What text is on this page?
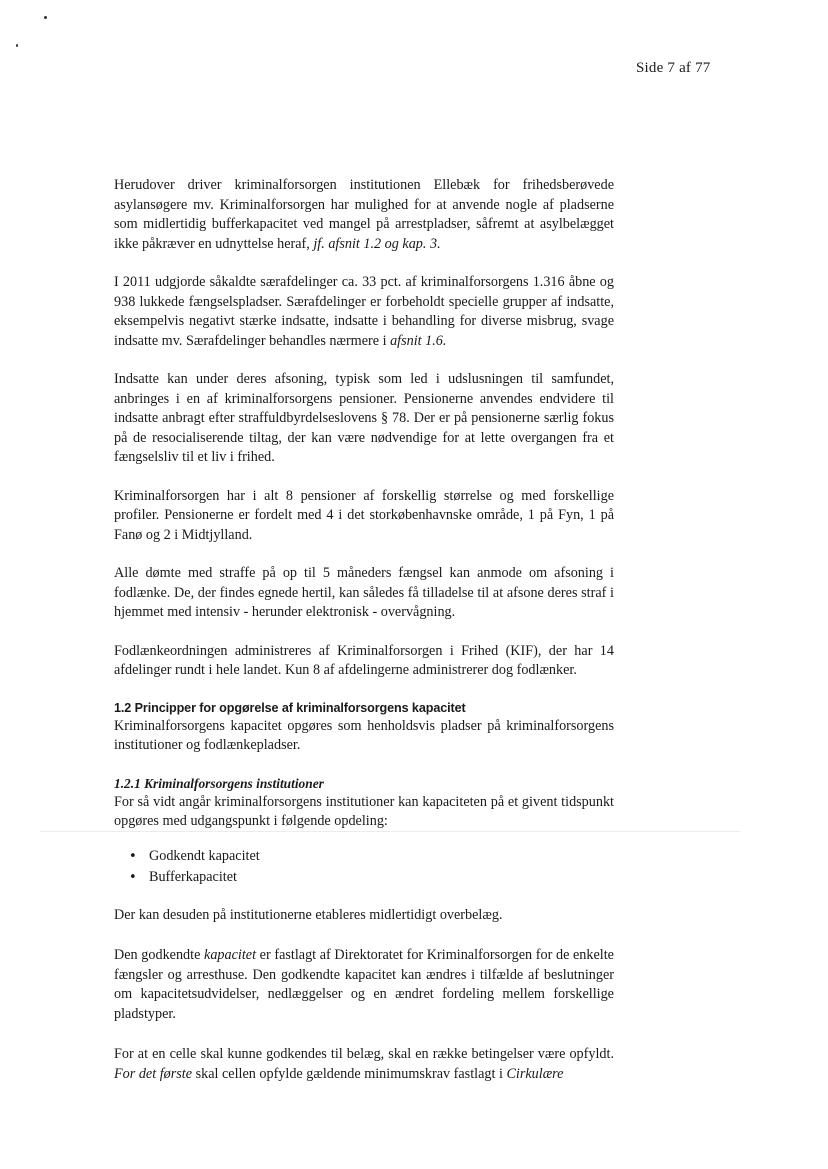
Side 7 af 77

Herudover driver kriminalforsorgen institutionen Ellebæk for frihedsberøvede asylansøgere mv. Kriminalforsorgen har mulighed for at anvende nogle af pladserne som midlertidig bufferkapacitet ved mangel på arrestpladser, såfremt at asylbelægget ikke påkræver en udnyttelse heraf, jf. afsnit 1.2 og kap. 3.

I 2011 udgjorde såkaldte særafdelinger ca. 33 pct. af kriminalforsorgens 1.316 åbne og 938 lukkede fængselspladser. Særafdelinger er forbeholdt specielle grupper af indsatte, eksempelvis negativt stærke indsatte, indsatte i behandling for diverse misbrug, svage indsatte mv. Særafdelinger behandles nærmere i afsnit 1.6.

Indsatte kan under deres afsoning, typisk som led i udslusningen til samfundet, anbringes i en af kriminalforsorgens pensioner. Pensionerne anvendes endvidere til indsatte anbragt efter straffuldbyrdelseslovens § 78. Der er på pensionerne særlig fokus på de resocialiserende tiltag, der kan være nødvendige for at lette overgangen fra et fængselsliv til et liv i frihed.

Kriminalforsorgen har i alt 8 pensioner af forskellig størrelse og med forskellige profiler. Pensionerne er fordelt med 4 i det storkøbenhavnske område, 1 på Fyn, 1 på Fanø og 2 i Midtjylland.

Alle dømte med straffe på op til 5 måneders fængsel kan anmode om afsoning i fodlænke. De, der findes egnede hertil, kan således få tilladelse til at afsone deres straf i hjemmet med intensiv - herunder elektronisk - overvågning.

Fodlænkeordningen administreres af Kriminalforsorgen i Frihed (KIF), der har 14 afdelinger rundt i hele landet. Kun 8 af afdelingerne administrerer dog fodlænker.

1.2 Principper for opgørelse af kriminalforsorgens kapacitet

Kriminalforsorgens kapacitet opgøres som henholdsvis pladser på kriminalforsorgens institutioner og fodlænkepladser.

1.2.1 Kriminalforsorgens institutioner

For så vidt angår kriminalforsorgens institutioner kan kapaciteten på et givent tidspunkt opgøres med udgangspunkt i følgende opdeling:

• Godkendt kapacitet
• Bufferkapacitet

Der kan desuden på institutionerne etableres midlertidigt overbelæg.

Den godkendte kapacitet er fastlagt af Direktoratet for Kriminalforsorgen for de enkelte fængsler og arresthuse. Den godkendte kapacitet kan ændres i tilfælde af beslutninger om kapacitetsudvidelser, nedlæggelser og en ændret fordeling mellem forskellige pladstyper.

For at en celle skal kunne godkendes til belæg, skal en række betingelser være opfyldt. For det første skal cellen opfylde gældende minimumskrav fastlagt i Cirkulære
